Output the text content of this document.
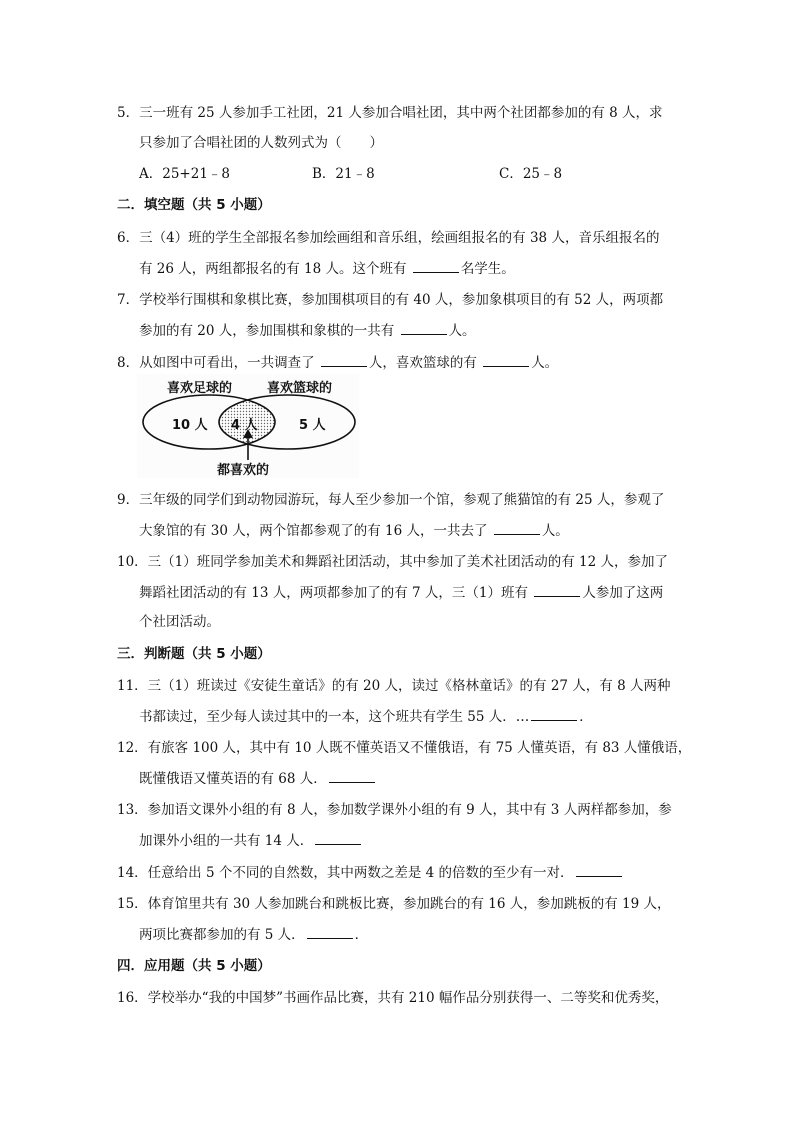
5．三一班有 25 人参加手工社团，21 人参加合唱社团，其中两个社团都参加的有 8 人，求
只参加了合唱社团的人数列式为（ ）
A．25+21﹣8	B．21﹣8	C．25﹣8
二．填空题（共 5 小题）
6．三（4）班的学生全部报名参加绘画组和音乐组，绘画组报名的有 38 人，音乐组报名的
有 26 人，两组都报名的有 18 人。这个班有	名学生。
7．学校举行围棋和象棋比赛，参加围棋项目的有 40 人，参加象棋项目的有 52 人，两项都
参加的有 20 人，参加围棋和象棋的一共有	人。
8．从如图中可看出，一共调查了	人，喜欢篮球的有	人。
喜欢足球的	喜欢篮球的
10 人 4 人	5 人
都喜欢的
9．三年级的同学们到动物园游玩，每人至少参加一个馆，参观了熊猫馆的有 25 人，参观了
大象馆的有 30 人，两个馆都参观了的有 16 人，一共去了	人。
10．三（1）班同学参加美术和舞蹈社团活动，其中参加了美术社团活动的有 12 人，参加了
舞蹈社团活动的有 13 人，两项都参加了的有 7 人，三（1）班有	人参加了这两
个社团活动。
三．判断题（共 5 小题）
11．三（1）班读过《安徒生童话》的有 20 人，读过《格林童话》的有 27 人，有 8 人两种
书都读过，至少每人读过其中的一本，这个班共有学生 55 人．…	．
12．有旅客 100 人，其中有 10 人既不懂英语又不懂俄语，有 75 人懂英语，有 83 人懂俄语，
既懂俄语又懂英语的有 68 人．
13．参加语文课外小组的有 8 人，参加数学课外小组的有 9 人，其中有 3 人两样都参加，参
加课外小组的一共有 14 人．
14．任意给出 5 个不同的自然数，其中两数之差是 4 的倍数的至少有一对．
15．体育馆里共有 30 人参加跳台和跳板比赛，参加跳台的有 16 人，参加跳板的有 19 人，
两项比赛都参加的有 5 人．	．
四．应用题（共 5 小题）
16．学校举办“我的中国梦”书画作品比赛，共有 210 幅作品分别获得一、二等奖和优秀奖，
